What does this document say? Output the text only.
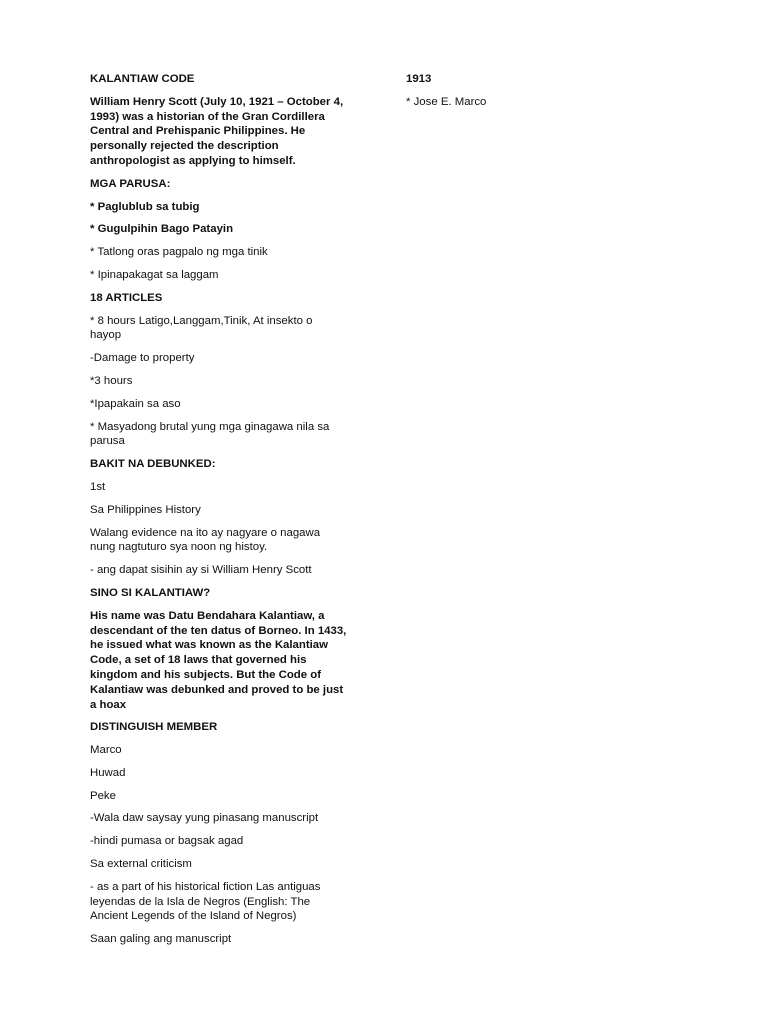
KALANTIAW CODE
William Henry Scott (July 10, 1921 – October 4,
1993) was a historian of the Gran Cordillera
Central and Prehispanic Philippines. He
personally rejected the description
anthropologist as applying to himself.
MGA PARUSA:
* Paglublub sa tubig
* Gugulpihin Bago Patayin
* Tatlong oras pagpalo ng mga tinik
* Ipinapakagat sa laggam
18 ARTICLES
* 8 hours Latigo,Langgam,Tinik, At insekto o
hayop
-Damage to property
*3 hours
*Ipapakain sa aso
* Masyadong brutal yung mga ginagawa nila sa
parusa
BAKIT NA DEBUNKED:
1st
Sa Philippines History
Walang evidence na ito ay nagyare o nagawa
nung nagtuturo sya noon ng histoy.
- ang dapat sisihin ay si William Henry Scott
SINO SI KALANTIAW?
His name was Datu Bendahara Kalantiaw, a
descendant of the ten datus of Borneo. In 1433,
he issued what was known as the Kalantiaw
Code, a set of 18 laws that governed his
kingdom and his subjects. But the Code of
Kalantiaw was debunked and proved to be just
a hoax
DISTINGUISH MEMBER
Marco
Huwad
Peke
-Wala daw saysay yung pinasang manuscript
-hindi pumasa or bagsak agad
Sa external criticism
- as a part of his historical fiction Las antiguas
leyendas de la Isla de Negros (English: The
Ancient Legends of the Island of Negros)
Saan galing ang manuscript
1913
* Jose E. Marco
